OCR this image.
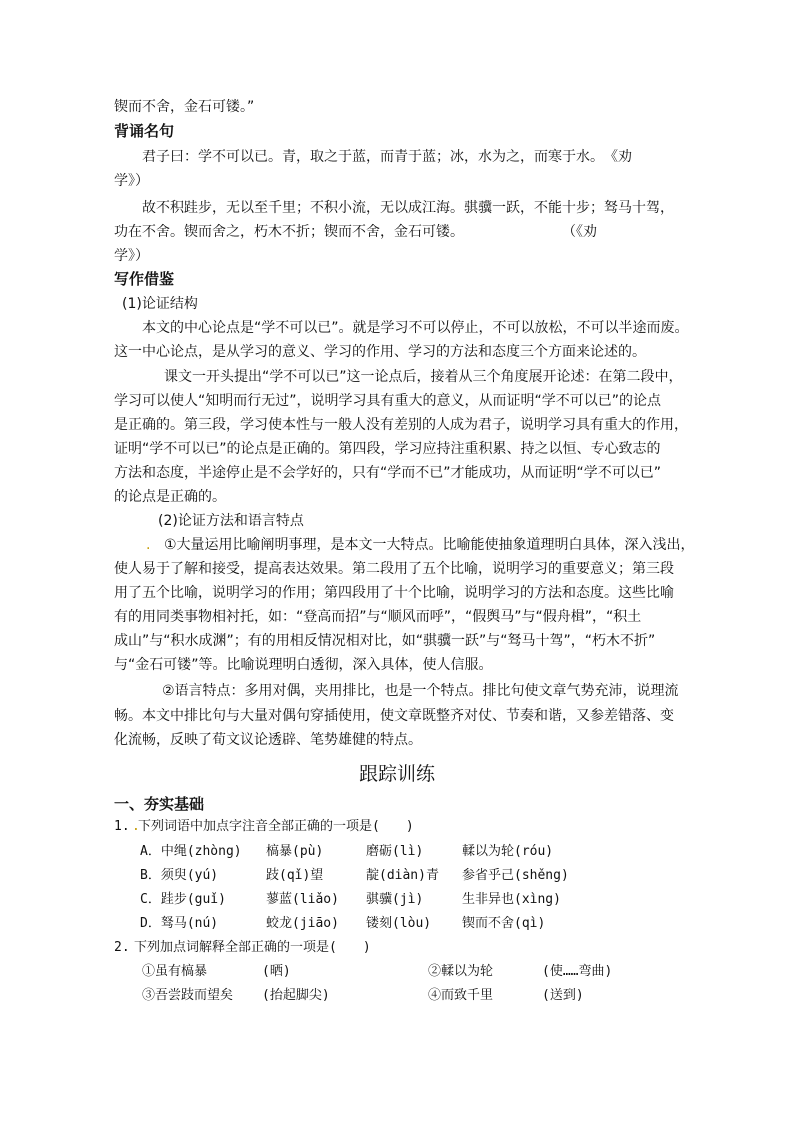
锲而不舍，金石可镂。”
背诵名句
君子曰：学不可以已。青，取之于蓝，而青于蓝；冰，水为之，而寒于水。　《劝
学》）
故不积跬步，无以至千里；不积小流，无以成江海。骐骥一跃，不能十步；驽马十驾，
功在不舍。锲而舍之，朽木不折；锲而不舍，金石可镂。　　　　　　　　（《劝
学》）
写作借鉴
(1)论证结构
本文的中心论点是“学不可以已”。就是学习不可以停止，不可以放松，不可以半途而废。
这一中心论点，是从学习的意义、学习的作用、学习的方法和态度三个方面来论述的。
课文一开头提出“学不可以已”这一论点后，接着从三个角度展开论述：在第二段中，
学习可以使人“知明而行无过”，说明学习具有重大的意义，从而证明“学不可以已”的论点
是正确的。第三段，学习使本性与一般人没有差别的人成为君子，说明学习具有重大的作用，
证明“学不可以已”的论点是正确的。第四段，学习应持注重积累、持之以恒、专心致志的
方法和态度，半途停止是不会学好的，只有“学而不已”才能成功，从而证明“学不可以已”
的论点是正确的。
(2)论证方法和语言特点
. ①大量运用比喻阐明事理，是本文一大特点。比喻能使抽象道理明白具体，深入浅出，
使人易于了解和接受，提高表达效果。第二段用了五个比喻，说明学习的重要意义；第三段
用了五个比喻，说明学习的作用；第四段用了十个比喻，说明学习的方法和态度。这些比喻
有的用同类事物相衬托，如：“登高而招”与“顺风而呼”，“假舆马”与“假舟楫”，“积土
成山”与“积水成渊”；有的用相反情况相对比，如“骐骥一跃”与“驽马十驾”，“朽木不折”
与“金石可镂”等。比喻说理明白透彻，深入具体，使人信服。
②语言特点：多用对偶，夹用排比，也是一个特点。排比句使文章气势充沛，说理流
畅。本文中排比句与大量对偶句穿插使用，使文章既整齐对仗、节奏和谐，又参差错落、变
化流畅，反映了荀文议论透辟、笔势雄健的特点。
跟踪训练
一、夯实基础
1. .
下列词语中加点字注音全部正确的一项是(　　)
A．中绳(zhòng) 槁暴(pù)	磨砺(lì)	輮以为轮(róu)
B．须臾(yú)	跂(qǐ)望	靛(diàn)青 参省乎己(shěng)
C．跬步(guǐ)	蓼蓝(liǎo) 骐骥(jì)	生非异也(xìng)
D．驽马(nú)	蛟龙(jiāo) 镂刻(lòu) 锲而不舍(qì)
2. 下列加点词解释全部正确的一项是(　　)
①虽有槁暴	(晒)	②輮以为轮	(使……弯曲)
③吾尝跂而望矣 (抬起脚尖)	④而致千里	(送到)
